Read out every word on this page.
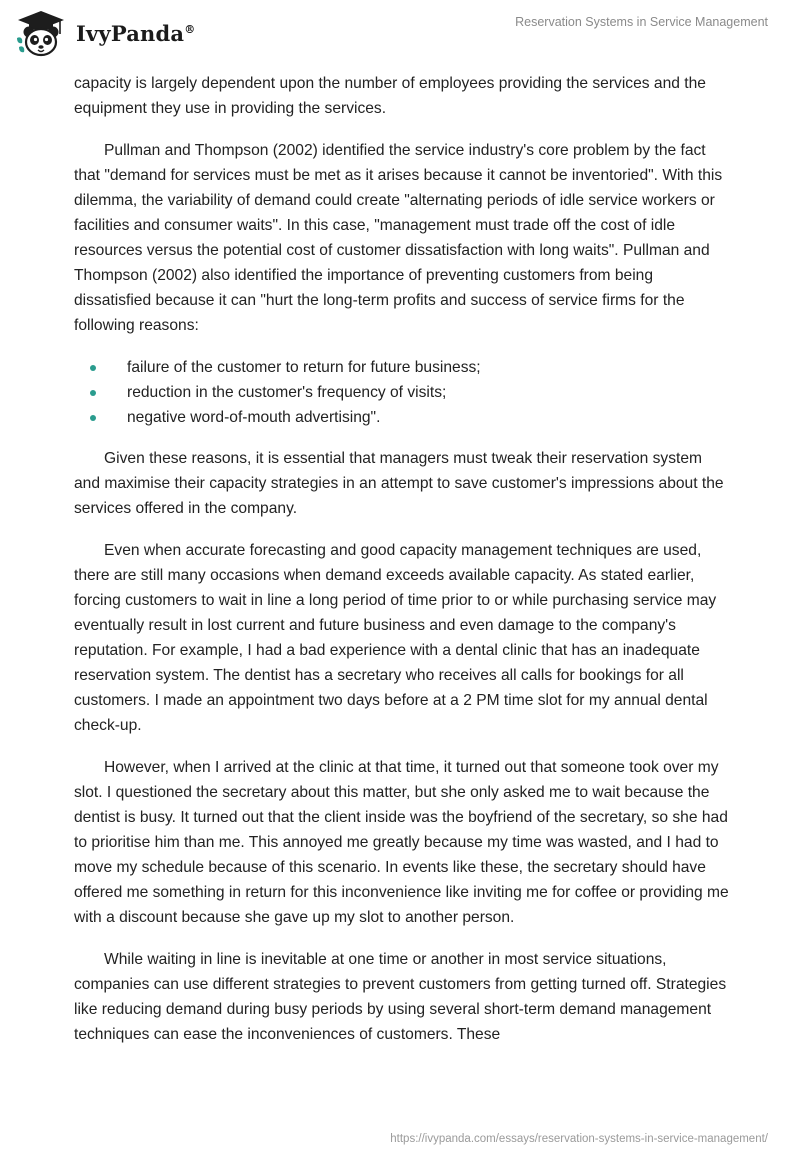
IvyPanda®	Reservation Systems in Service Management

capacity is largely dependent upon the number of employees providing the services and the equipment they use in providing the services.

Pullman and Thompson (2002) identified the service industry's core problem by the fact that "demand for services must be met as it arises because it cannot be inventoried". With this dilemma, the variability of demand could create "alternating periods of idle service workers or facilities and consumer waits". In this case, "management must trade off the cost of idle resources versus the potential cost of customer dissatisfaction with long waits". Pullman and Thompson (2002) also identified the importance of preventing customers from being dissatisfied because it can "hurt the long-term profits and success of service firms for the following reasons:

failure of the customer to return for future business;
reduction in the customer's frequency of visits;
negative word-of-mouth advertising".

Given these reasons, it is essential that managers must tweak their reservation system and maximise their capacity strategies in an attempt to save customer's impressions about the services offered in the company.

Even when accurate forecasting and good capacity management techniques are used, there are still many occasions when demand exceeds available capacity. As stated earlier, forcing customers to wait in line a long period of time prior to or while purchasing service may eventually result in lost current and future business and even damage to the company's reputation. For example, I had a bad experience with a dental clinic that has an inadequate reservation system. The dentist has a secretary who receives all calls for bookings for all customers. I made an appointment two days before at a 2 PM time slot for my annual dental check-up.

However, when I arrived at the clinic at that time, it turned out that someone took over my slot. I questioned the secretary about this matter, but she only asked me to wait because the dentist is busy. It turned out that the client inside was the boyfriend of the secretary, so she had to prioritise him than me. This annoyed me greatly because my time was wasted, and I had to move my schedule because of this scenario. In events like these, the secretary should have offered me something in return for this inconvenience like inviting me for coffee or providing me with a discount because she gave up my slot to another person.

While waiting in line is inevitable at one time or another in most service situations, companies can use different strategies to prevent customers from getting turned off. Strategies like reducing demand during busy periods by using several short-term demand management techniques can ease the inconveniences of customers. These

https://ivypanda.com/essays/reservation-systems-in-service-management/
